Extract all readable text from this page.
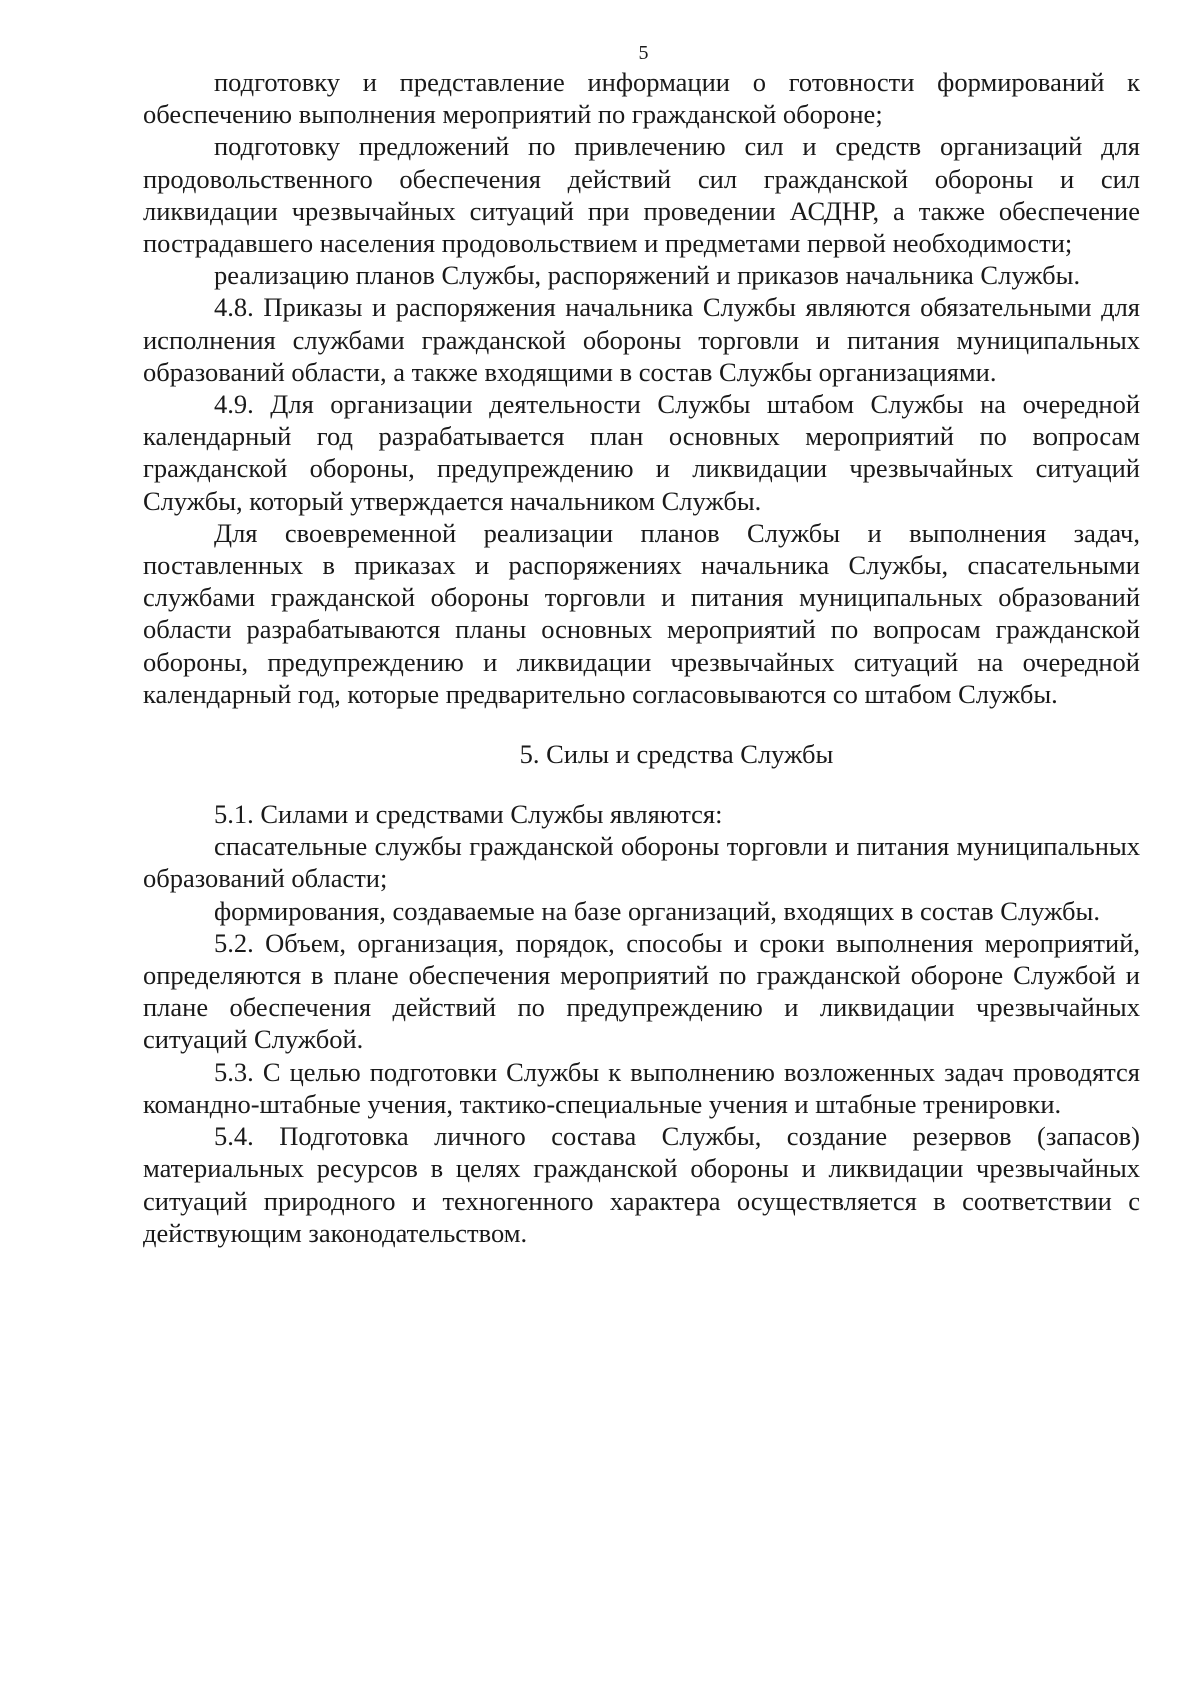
5

подготовку и представление информации о готовности формирований к обеспечению выполнения мероприятий по гражданской обороне;

подготовку предложений по привлечению сил и средств организаций для продовольственного обеспечения действий сил гражданской обороны и сил ликвидации чрезвычайных ситуаций при проведении АСДНР, а также обеспечение пострадавшего населения продовольствием и предметами первой необходимости;

реализацию планов Службы, распоряжений и приказов начальника Службы.

4.8. Приказы и распоряжения начальника Службы являются обязательными для исполнения службами гражданской обороны торговли и питания муниципальных образований области, а также входящими в состав Службы организациями.

4.9. Для организации деятельности Службы штабом Службы на очередной календарный год разрабатывается план основных мероприятий по вопросам гражданской обороны, предупреждению и ликвидации чрезвычайных ситуаций Службы, который утверждается начальником Службы.

Для своевременной реализации планов Службы и выполнения задач, поставленных в приказах и распоряжениях начальника Службы, спасательными службами гражданской обороны торговли и питания муниципальных образований области разрабатываются планы основных мероприятий по вопросам гражданской обороны, предупреждению и ликвидации чрезвычайных ситуаций на очередной календарный год, которые предварительно согласовываются со штабом Службы.

5. Силы и средства Службы

5.1. Силами и средствами Службы являются:

спасательные службы гражданской обороны торговли и питания муниципальных образований области;

формирования, создаваемые на базе организаций, входящих в состав Службы.

5.2. Объем, организация, порядок, способы и сроки выполнения мероприятий, определяются в плане обеспечения мероприятий по гражданской обороне Службой и плане обеспечения действий по предупреждению и ликвидации чрезвычайных ситуаций Службой.

5.3. С целью подготовки Службы к выполнению возложенных задач проводятся командно-штабные учения, тактико-специальные учения и штабные тренировки.

5.4. Подготовка личного состава Службы, создание резервов (запасов) материальных ресурсов в целях гражданской обороны и ликвидации чрезвычайных ситуаций природного и техногенного характера осуществляется в соответствии с действующим законодательством.
